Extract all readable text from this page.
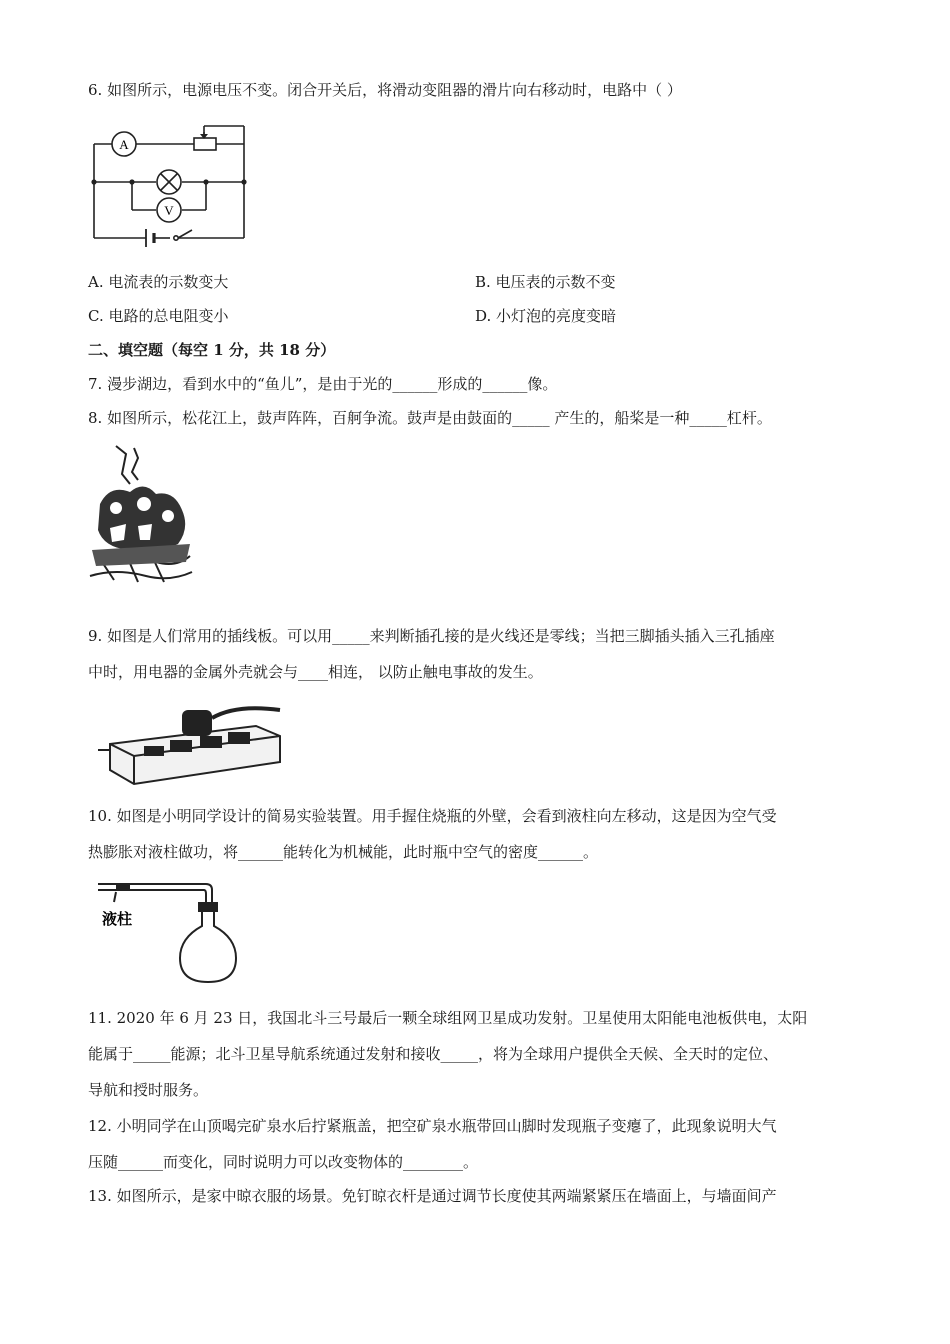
6. 如图所示，电源电压不变。闭合开关后，将滑动变阻器的滑片向右移动时，电路中（ ）
A
V
A. 电流表的示数变大	B. 电压表的示数不变
C. 电路的总电阻变小	D. 小灯泡的亮度变暗
二、填空题（每空 1 分，共 18 分）
7. 漫步湖边，看到水中的“鱼儿”，是由于光的______形成的______像。
8. 如图所示，松花江上，鼓声阵阵，百舸争流。鼓声是由鼓面的_____ 产生的，船桨是一种_____杠杆。
9. 如图是人们常用的插线板。可以用_____来判断插孔接的是火线还是零线；当把三脚插头插入三孔插座
中时，用电器的金属外壳就会与____相连， 以防止触电事故的发生。
10. 如图是小明同学设计的简易实验装置。用手握住烧瓶的外壁，会看到液柱向左移动，这是因为空气受
热膨胀对液柱做功，将______能转化为机械能，此时瓶中空气的密度______。
液柱
11. 2020 年 6 月 23 日，我国北斗三号最后一颗全球组网卫星成功发射。卫星使用太阳能电池板供电，太阳
能属于_____能源；北斗卫星导航系统通过发射和接收_____，将为全球用户提供全天候、全天时的定位、
导航和授时服务。
12. 小明同学在山顶喝完矿泉水后拧紧瓶盖，把空矿泉水瓶带回山脚时发现瓶子变瘪了，此现象说明大气
压随______而变化，同时说明力可以改变物体的________。
13. 如图所示，是家中晾衣服的场景。免钉晾衣杆是通过调节长度使其两端紧紧压在墙面上，与墙面间产
